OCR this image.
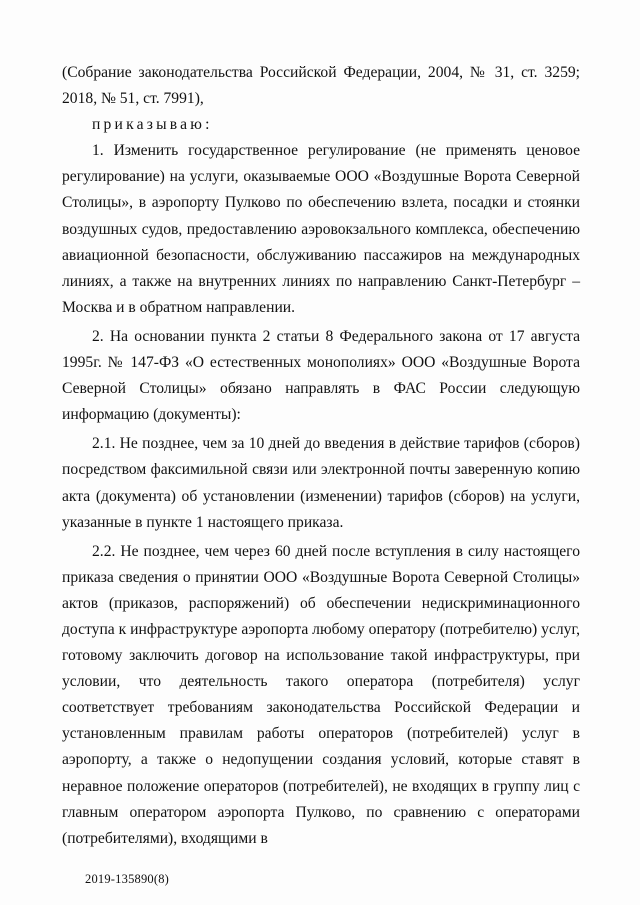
(Собрание законодательства Российской Федерации, 2004, № 31, ст. 3259; 2018, № 51, ст. 7991),

приказываю:

1. Изменить государственное регулирование (не применять ценовое регулирование) на услуги, оказываемые ООО «Воздушные Ворота Северной Столицы», в аэропорту Пулково по обеспечению взлета, посадки и стоянки воздушных судов, предоставлению аэровокзального комплекса, обеспечению авиационной безопасности, обслуживанию пассажиров на международных линиях, а также на внутренних линиях по направлению Санкт-Петербург – Москва и в обратном направлении.

2. На основании пункта 2 статьи 8 Федерального закона от 17 августа 1995г. № 147-ФЗ «О естественных монополиях» ООО «Воздушные Ворота Северной Столицы» обязано направлять в ФАС России следующую информацию (документы):

2.1. Не позднее, чем за 10 дней до введения в действие тарифов (сборов) посредством факсимильной связи или электронной почты заверенную копию акта (документа) об установлении (изменении) тарифов (сборов) на услуги, указанные в пункте 1 настоящего приказа.

2.2. Не позднее, чем через 60 дней после вступления в силу настоящего приказа сведения о принятии ООО «Воздушные Ворота Северной Столицы» актов (приказов, распоряжений) об обеспечении недискриминационного доступа к инфраструктуре аэропорта любому оператору (потребителю) услуг, готовому заключить договор на использование такой инфраструктуры, при условии, что деятельность такого оператора (потребителя) услуг соответствует требованиям законодательства Российской Федерации и установленным правилам работы операторов (потребителей) услуг в аэропорту, а также о недопущении создания условий, которые ставят в неравное положение операторов (потребителей), не входящих в группу лиц с главным оператором аэропорта Пулково, по сравнению с операторами (потребителями), входящими в

2019-135890(8)
